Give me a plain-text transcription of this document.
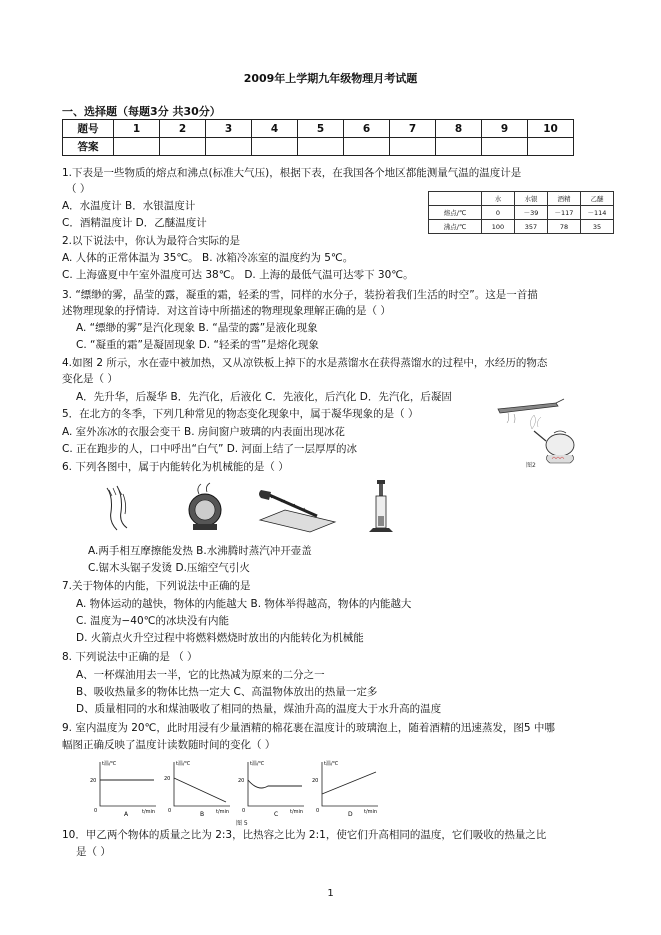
2009年上学期九年级物理月考试题
一、选择题（每题3分 共30分）
题号	1	2	3	4	5	6	7	8	9	10
答案										
1.下表是一些物质的熔点和沸点(标准大气压)，根据下表，在我国各个地区都能测量气温的温度计是
（ ）
A．水温度计 B．水银温度计
C．酒精温度计 D．乙醚温度计
	水	水银	酒精	乙醚
熔点/℃	0	－39	－117	－114
沸点/℃	100	357	78	35
2.以下说法中，你认为最符合实际的是
A. 人体的正常体温为 35℃。 B. 冰箱冷冻室的温度约为 5℃。
C. 上海盛夏中午室外温度可达 38℃。 D. 上海的最低气温可达零下 30℃。
3. “缥缈的雾，晶莹的露，凝重的霜，轻柔的雪，同样的水分子，装扮着我们生活的时空”。这是一首描
述物理现象的抒情诗．对这首诗中所描述的物理现象理解正确的是（ ）
A. “缥缈的雾”是汽化现象 B. “晶莹的露”是液化现象
C. “凝重的霜”是凝固现象 D. “轻柔的雪”是熔化现象
4.如图 2 所示，水在壶中被加热，又从凉铁板上掉下的水是蒸馏水在获得蒸馏水的过程中，水经历的物态
变化是（ ）
A．先升华，后凝华 B．先汽化，后液化 C．先液化，后汽化 D．先汽化，后凝固
5．在北方的冬季，下列几种常见的物态变化现象中，属于凝华现象的是（ ）
A. 室外冻冰的衣服会变干 B. 房间窗户玻璃的内表面出现冰花
C. 正在跑步的人，口中呼出“白气” D. 河面上结了一层厚厚的冰
图2
6. 下列各图中，属于内能转化为机械能的是（ ）
A.两手相互摩擦能发热 B.水沸腾时蒸汽冲开壶盖
C.锯木头锯子发烫 D.压缩空气引火
7.关于物体的内能，下列说法中正确的是
A. 物体运动的越快，物体的内能越大 B. 物体举得越高，物体的内能越大
C. 温度为−40℃的冰块没有内能
D. 火箭点火升空过程中将燃料燃烧时放出的内能转化为机械能
8. 下列说法中正确的是 （ ）
A、一杯煤油用去一半，它的比热减为原来的二分之一
B、吸收热量多的物体比热一定大 C、高温物体放出的热量一定多
D、质量相同的水和煤油吸收了相同的热量，煤油升高的温度大于水升高的温度
9. 室内温度为 20℃，此时用浸有少量酒精的棉花裹在温度计的玻璃泡上，随着酒精的迅速蒸发，图5 中哪
幅图正确反映了温度计读数随时间的变化（ ）
t温/℃
20
0	A	t/min
t温/℃
20
0	B t/min
t温/℃
20
0	C t/min
t温/℃
20
0	D t/min
图 5
10．甲乙两个物体的质量之比为 2:3，比热容之比为 2:1，使它们升高相同的温度，它们吸收的热量之比
是（ ）
1
